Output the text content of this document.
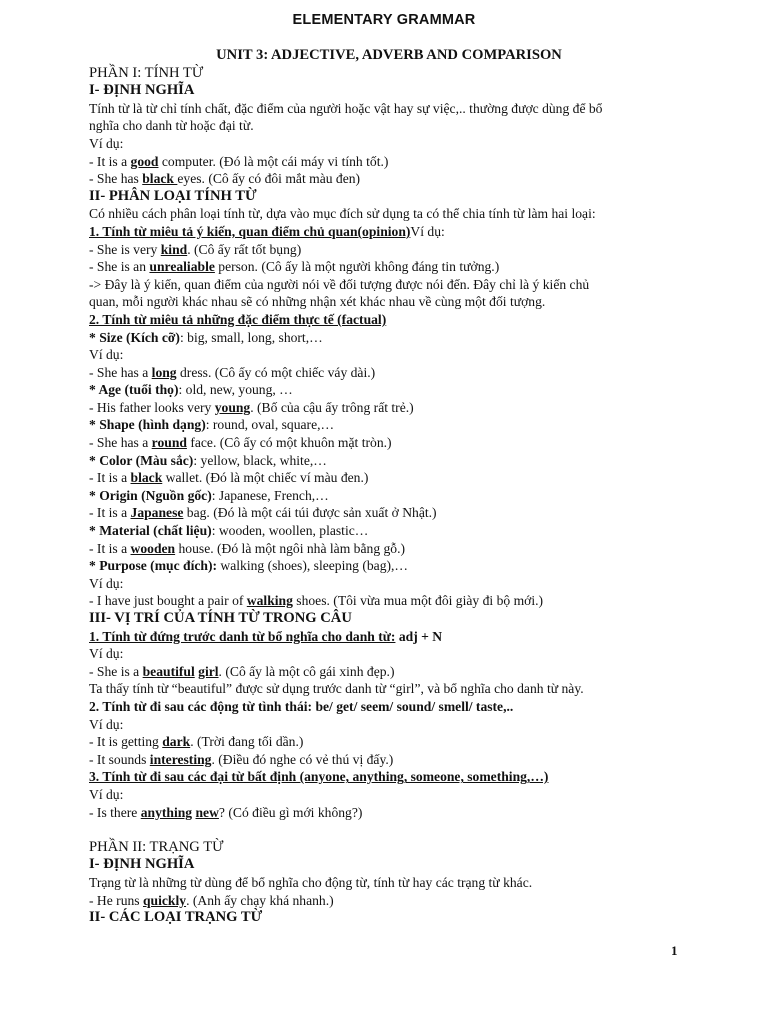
ELEMENTARY GRAMMAR
UNIT 3: ADJECTIVE, ADVERB AND COMPARISON
PHẦN I: TÍNH TỪ
I- ĐỊNH NGHĨA
Tính từ là từ chỉ tính chất, đặc điểm của người hoặc vật hay sự việc,.. thường được dùng để bổ
nghĩa cho danh từ hoặc đại từ.
Ví dụ:
- It is a good computer. (Đó là một cái máy vi tính tốt.)
- She has black eyes. (Cô ấy có đôi mắt màu đen)
II- PHÂN LOẠI TÍNH TỪ
Có nhiều cách phân loại tính từ, dựa vào mục đích sử dụng ta có thể chia tính từ làm hai loại:
1. Tính từ miêu tả ý kiến, quan điểm chủ quan(opinion)Ví dụ:
- She is very kind. (Cô ấy rất tốt bụng)
- She is an unrealiable person. (Cô ấy là một người không đáng tin tưởng.)
-> Đây là ý kiến, quan điểm của người nói về đối tượng được nói đến. Đây chỉ là ý kiến chủ
quan, mỗi người khác nhau sẽ có những nhận xét khác nhau về cùng một đối tượng.
2. Tính từ miêu tả những đặc điểm thực tế (factual)
* Size (Kích cỡ): big, small, long, short,…
Ví dụ:
- She has a long dress. (Cô ấy có một chiếc váy dài.)
* Age (tuổi thọ): old, new, young, …
- His father looks very young. (Bố của cậu ấy trông rất trẻ.)
* Shape (hình dạng): round, oval, square,…
- She has a round face. (Cô ấy có một khuôn mặt tròn.)
* Color (Màu sắc): yellow, black, white,…
- It is a black wallet. (Đó là một chiếc ví màu đen.)
* Origin (Nguồn gốc): Japanese, French,…
- It is a Japanese bag. (Đó là một cái túi được sản xuất ở Nhật.)
* Material (chất liệu): wooden, woollen, plastic…
- It is a wooden house. (Đó là một ngôi nhà làm bằng gỗ.)
* Purpose (mục đích): walking (shoes), sleeping (bag),…
Ví dụ:
- I have just bought a pair of walking shoes. (Tôi vừa mua một đôi giày đi bộ mới.)
III- VỊ TRÍ CỦA TÍNH TỪ TRONG CÂU
1. Tính từ đứng trước danh từ bổ nghĩa cho danh từ: adj + N
Ví dụ:
- She is a beautiful girl. (Cô ấy là một cô gái xinh đẹp.)
Ta thấy tính từ “beautiful” được sử dụng trước danh từ “girl”, và bổ nghĩa cho danh từ này.
2. Tính từ đi sau các động từ tình thái: be/ get/ seem/ sound/ smell/ taste,..
Ví dụ:
- It is getting dark. (Trời đang tối dần.)
- It sounds interesting. (Điều đó nghe có vẻ thú vị đấy.)
3. Tính từ đi sau các đại từ bất định (anyone, anything, someone, something,…)
Ví dụ:
- Is there anything new? (Có điều gì mới không?)
PHẦN II: TRẠNG TỪ
I- ĐỊNH NGHĨA
Trạng từ là những từ dùng để bổ nghĩa cho động từ, tính từ hay các trạng từ khác.
- He runs quickly. (Anh ấy chạy khá nhanh.)
II- CÁC LOẠI TRẠNG TỪ
1
